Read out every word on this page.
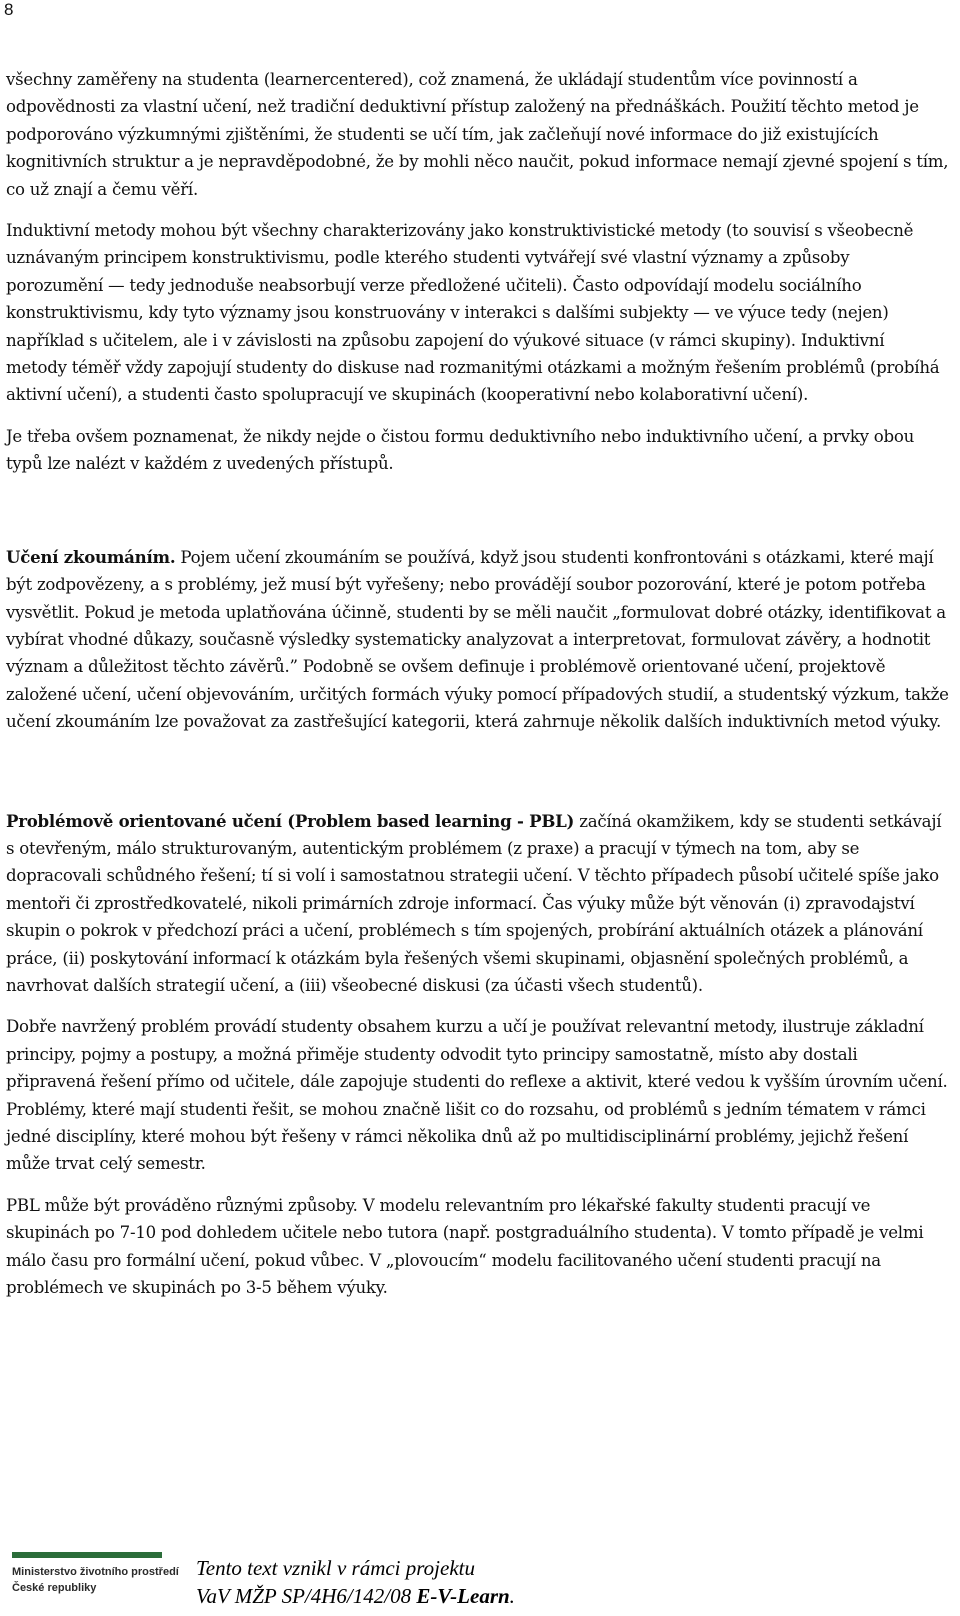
8

všechny zaměřeny na studenta (learnercentered), což znamená, že ukládají studentům více povinností a odpovědnosti za vlastní učení, než tradiční deduktivní přístup založený na přednáškách. Použití těchto metod je podporováno výzkumnými zjištěními, že studenti se učí tím, jak začleňují nové informace do již existujících kognitivních struktur a je nepravděpodobné, že by mohli něco naučit, pokud informace nemají zjevné spojení s tím, co už znají a čemu věří.

Induktivní metody mohou být všechny charakterizovány jako konstruktivistické metody (to souvisí s všeobecně uznávaným principem konstruktivismu, podle kterého studenti vytvářejí své vlastní významy a způsoby porozumění — tedy jednoduše neabsorbují verze předložené učiteli). Často odpovídají modelu sociálního konstruktivismu, kdy tyto významy jsou konstruovány v interakci s dalšími subjekty — ve výuce tedy (nejen) například s učitelem, ale i v závislosti na způsobu zapojení do výukové situace (v rámci skupiny). Induktivní metody téměř vždy zapojují studenty do diskuse nad rozmanitými otázkami a možným řešením problémů (probíhá aktivní učení), a studenti často spolupracují ve skupinách (kooperativní nebo kolaborativní učení).

Je třeba ovšem poznamenat, že nikdy nejde o čistou formu deduktivního nebo induktivního učení, a prvky obou typů lze nalézt v každém z uvedených přístupů.

Učení zkoumáním. Pojem učení zkoumáním se používá, když jsou studenti konfrontováni s otázkami, které mají být zodpovězeny, a s problémy, jež musí být vyřešeny; nebo provádějí soubor pozorování, které je potom potřeba vysvětlit. Pokud je metoda uplatňována účinně, studenti by se měli naučit „formulovat dobré otázky, identifikovat a vybírat vhodné důkazy, současně výsledky systematicky analyzovat a interpretovat, formulovat závěry, a hodnotit význam a důležitost těchto závěrů.” Podobně se ovšem definuje i problémově orientované učení, projektově založené učení, učení objevováním, určitých formách výuky pomocí případových studií, a studentský výzkum, takže učení zkoumáním lze považovat za zastřešující kategorii, která zahrnuje několik dalších induktivních metod výuky.

Problémově orientované učení (Problem based learning - PBL) začíná okamžikem, kdy se studenti setkávají s otevřeným, málo strukturovaným, autentickým problémem (z praxe) a pracují v týmech na tom, aby se dopracovali schůdného řešení; tí si volí i samostatnou strategii učení. V těchto případech působí učitelé spíše jako mentoři či zprostředkovatelé, nikoli primárních zdroje informací. Čas výuky může být věnován (i) zpravodajství skupin o pokrok v předchozí práci a učení, problémech s tím spojených, probírání aktuálních otázek a plánování práce, (ii) poskytování informací k otázkám byla řešených všemi skupinami, objasnění společných problémů, a navrhovat dalších strategií učení, a (iii) všeobecné diskusi (za účasti všech studentů).

Dobře navržený problém provádí studenty obsahem kurzu a učí je používat relevantní metody, ilustruje základní principy, pojmy a postupy, a možná přiměje studenty odvodit tyto principy samostatně, místo aby dostali připravená řešení přímo od učitele, dále zapojuje studenti do reflexe a aktivit, které vedou k vyšším úrovním učení. Problémy, které mají studenti řešit, se mohou značně lišit co do rozsahu, od problémů s jedním tématem v rámci jedné disciplíny, které mohou být řešeny v rámci několika dnů až po multidisciplinární problémy, jejichž řešení může trvat celý semestr.

PBL může být prováděno různými způsoby. V modelu relevantním pro lékařské fakulty studenti pracují ve skupinách po 7-10 pod dohledem učitele nebo tutora (např. postgraduálního studenta). V tomto případě je velmi málo času pro formální učení, pokud vůbec. V „plovoucím“ modelu facilitovaného učení studenti pracují na problémech ve skupinách po 3-5 během výuky.

Ministerstvo životního prostředí
České republiky
Tento text vznikl v rámci projektu
VaV MŽP SP/4H6/142/08 E-V-Learn.
